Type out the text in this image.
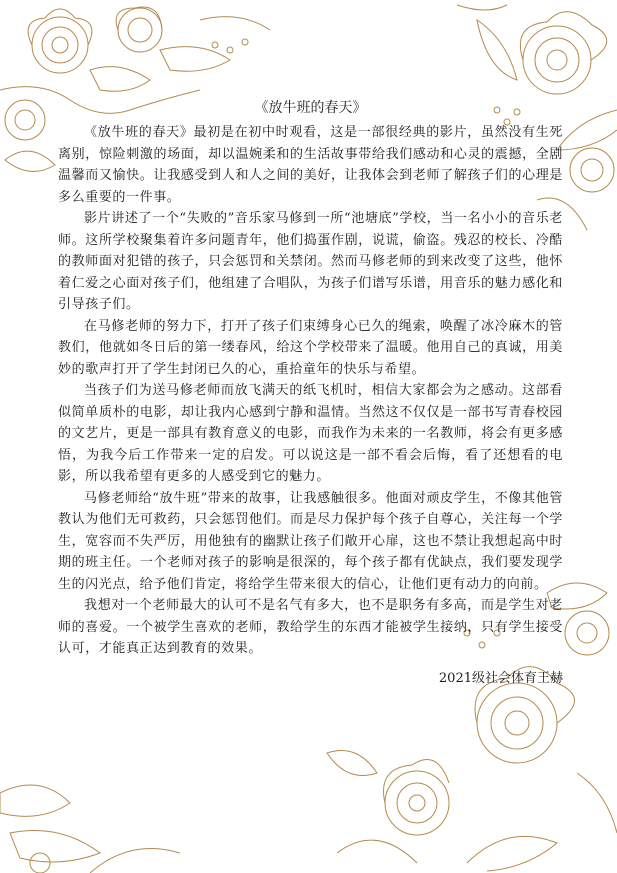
《放牛班的春天》

《放牛班的春天》最初是在初中时观看，这是一部很经典的影片，虽然没有生死离别，惊险刺激的场面，却以温婉柔和的生活故事带给我们感动和心灵的震撼，全剧温馨而又愉快。让我感受到人和人之间的美好，让我体会到老师了解孩子们的心理是多么重要的一件事。

影片讲述了一个“失败的”音乐家马修到一所“池塘底”学校，当一名小小的音乐老师。这所学校聚集着许多问题青年，他们捣蛋作剧，说谎，偷盗。残忍的校长、冷酷的教师面对犯错的孩子，只会惩罚和关禁闭。然而马修老师的到来改变了这些，他怀着仁爱之心面对孩子们，他组建了合唱队，为孩子们谱写乐谱，用音乐的魅力感化和引导孩子们。

在马修老师的努力下，打开了孩子们束缚身心已久的绳索，唤醒了冰冷麻木的管教们，他就如冬日后的第一缕春风，给这个学校带来了温暖。他用自己的真诚，用美妙的歌声打开了学生封闭已久的心，重拾童年的快乐与希望。

当孩子们为送马修老师而放飞满天的纸飞机时，相信大家都会为之感动。这部看似简单质朴的电影，却让我内心感到宁静和温情。当然这不仅仅是一部书写青春校园的文艺片，更是一部具有教育意义的电影，而我作为未来的一名教师，将会有更多感悟，为我今后工作带来一定的启发。可以说这是一部不看会后悔，看了还想看的电影，所以我希望有更多的人感受到它的魅力。

马修老师给“放牛班”带来的故事，让我感触很多。他面对顽皮学生，不像其他管教认为他们无可救药，只会惩罚他们。而是尽力保护每个孩子自尊心，关注每一个学生，宽容而不失严厉，用他独有的幽默让孩子们敞开心扉，这也不禁让我想起高中时期的班主任。一个老师对孩子的影响是很深的，每个孩子都有优缺点，我们要发现学生的闪光点，给予他们肯定，将给学生带来很大的信心，让他们更有动力的向前。

我想对一个老师最大的认可不是名气有多大，也不是职务有多高，而是学生对老师的喜爱。一个被学生喜欢的老师，教给学生的东西才能被学生接纳，只有学生接受认可，才能真正达到教育的效果。

2021级社会体育王赫
